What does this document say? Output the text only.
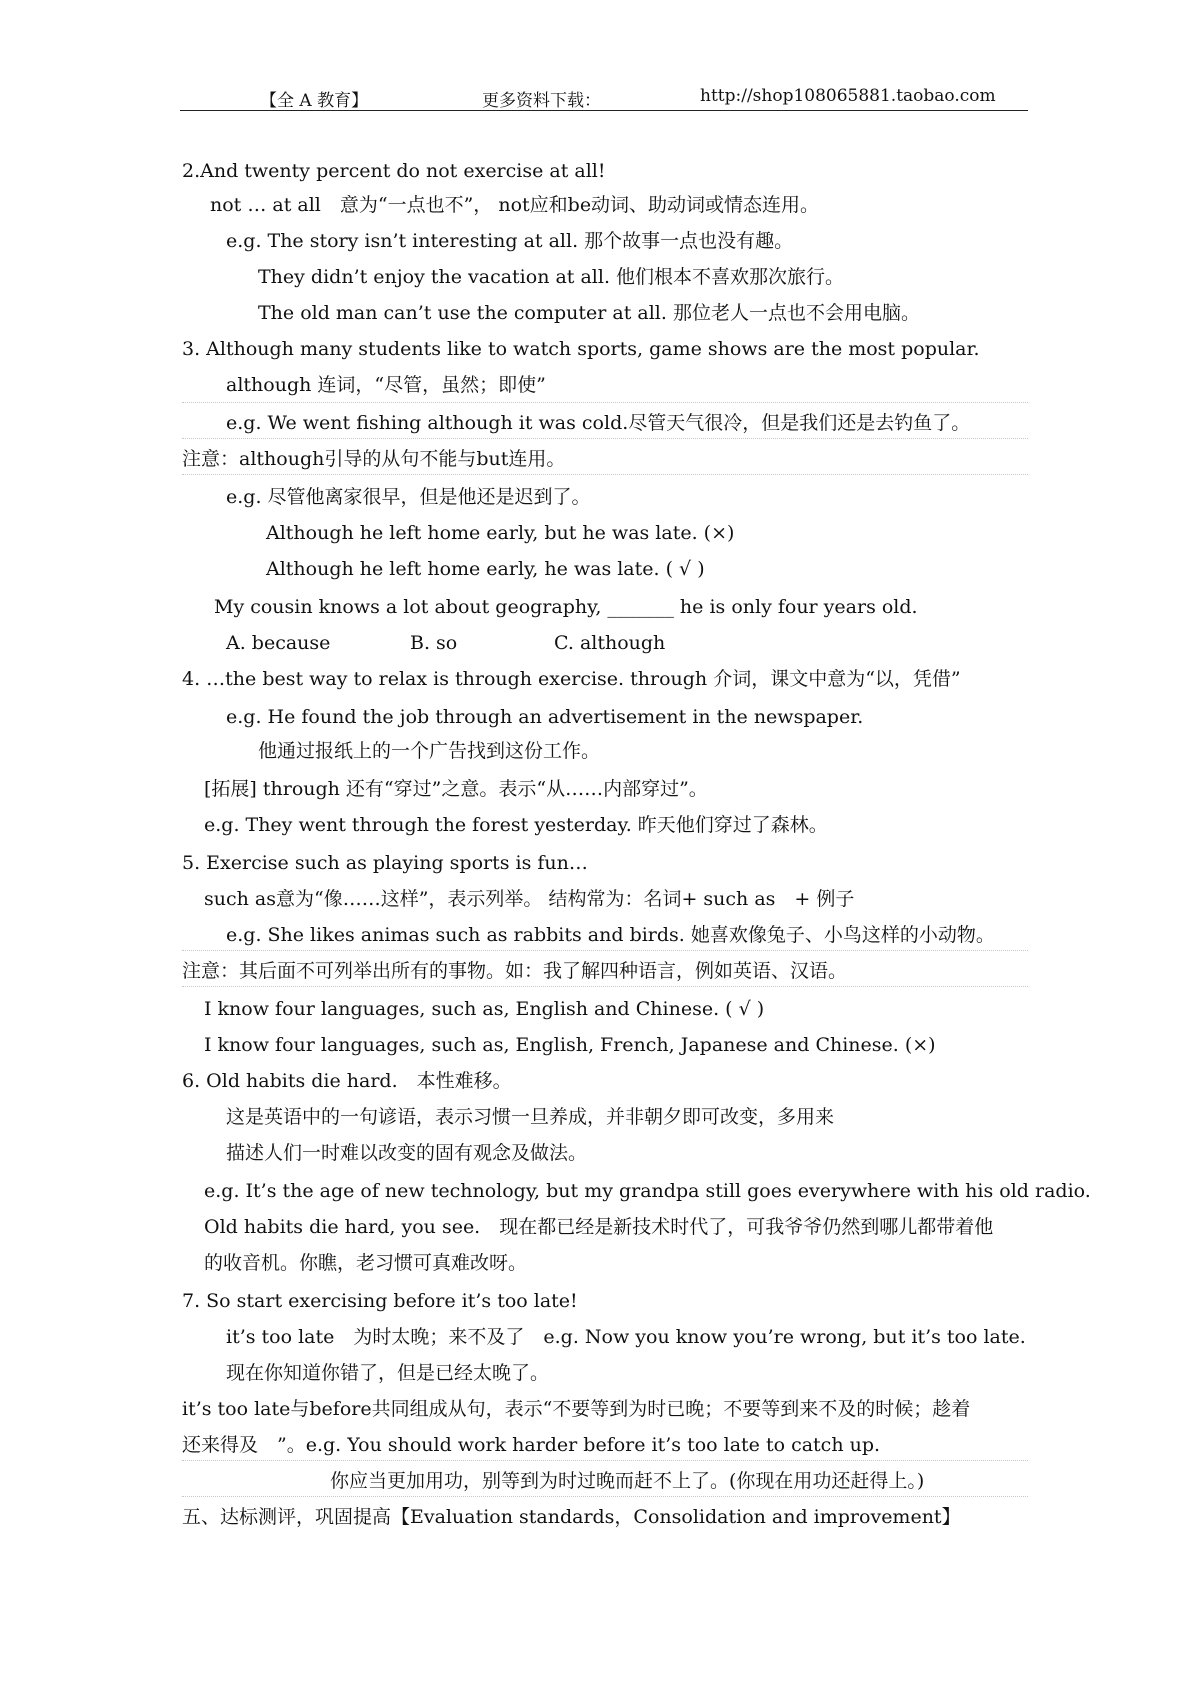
【全 A 教育】	更多资料下载：	http://shop108065881.taobao.com
2.And twenty percent do not exercise at all!
not … at all　意为“一点也不”， not应和be动词、助动词或情态连用。
e.g. The story isn’t interesting at all. 那个故事一点也没有趣。
They didn’t enjoy the vacation at all. 他们根本不喜欢那次旅行。
The old man can’t use the computer at all. 那位老人一点也不会用电脑。
3. Although many students like to watch sports, game shows are the most popular.
although 连词，“尽管，虽然；即使”
e.g. We went fishing although it was cold.尽管天气很冷，但是我们还是去钓鱼了。
注意：although引导的从句不能与but连用。
e.g. 尽管他离家很早，但是他还是迟到了。
Although he left home early, but he was late. (×)
Although he left home early, he was late. ( √ )
My cousin knows a lot about geography, _______ he is only four years old.
A. because	B. so	C. although
4. …the best way to relax is through exercise. through 介词，课文中意为“以，凭借”
e.g. He found the job through an advertisement in the newspaper.
他通过报纸上的一个广告找到这份工作。
[拓展] through 还有“穿过”之意。表示“从……内部穿过”。
e.g. They went through the forest yesterday. 昨天他们穿过了森林。
5. Exercise such as playing sports is fun…
such as意为“像……这样”，表示列举。 结构常为：名词+ such as　+ 例子
e.g. She likes animas such as rabbits and birds. 她喜欢像兔子、小鸟这样的小动物。
注意：其后面不可列举出所有的事物。如：我了解四种语言，例如英语、汉语。
I know four languages, such as, English and Chinese. ( √ )
I know four languages, such as, English, French, Japanese and Chinese. (×)
6. Old habits die hard.　本性难移。
这是英语中的一句谚语，表示习惯一旦养成，并非朝夕即可改变，多用来
描述人们一时难以改变的固有观念及做法。
e.g. It’s the age of new technology, but my grandpa still goes everywhere with his old radio.
Old habits die hard, you see.　现在都已经是新技术时代了，可我爷爷仍然到哪儿都带着他
的收音机。你瞧，老习惯可真难改呀。
7. So start exercising before it’s too late!
it’s too late　为时太晚；来不及了　e.g. Now you know you’re wrong, but it’s too late.
现在你知道你错了，但是已经太晚了。
it’s too late与before共同组成从句，表示“不要等到为时已晚；不要等到来不及的时候；趁着
还来得及　”。e.g. You should work harder before it’s too late to catch up.
你应当更加用功，别等到为时过晚而赶不上了。(你现在用功还赶得上。)
五、达标测评，巩固提高【Evaluation standards，Consolidation and improvement】
